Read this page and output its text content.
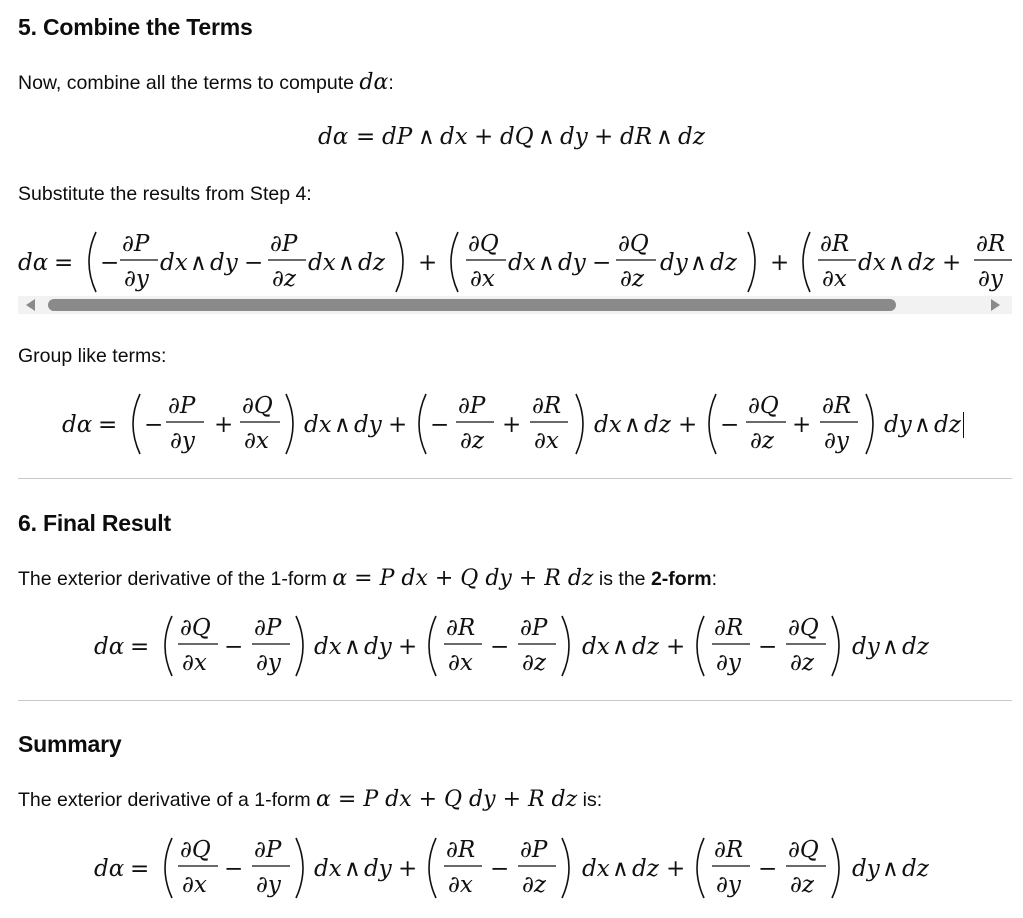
5. Combine the Terms

Now, combine all the terms to compute dα:

dα = dP ∧ dx + dQ ∧ dy + dR ∧ dz

Substitute the results from Step 4:

dα = −
∂P
∂y
dx ∧ dy −
∂P
∂z
dx ∧ dz +
∂Q
∂x
dx ∧ dy −
∂Q
∂z
dy ∧ dz +
∂R
∂x
dx ∧ dz +
∂R
∂y

Group like terms:

dα = −
∂P
∂y
+
∂Q
∂x
dx ∧ dy + −
∂P
∂z
+
∂R
∂x
dx ∧ dz + −
∂Q
∂z
+
∂R
∂y
dy ∧ dz
6. Final Result

The exterior derivative of the 1-form α = P dx + Q dy + R dz is the 2-form:

dα =
∂Q
∂x
−
∂P
∂y
dx ∧ dy +
∂R
∂x
−
∂P
∂z
dx ∧ dz +
∂R
∂y
−
∂Q
∂z
dy ∧ dz
Summary

The exterior derivative of a 1-form α = P dx + Q dy + R dz is:

dα =
∂Q
∂x
−
∂P
∂y
dx ∧ dy +
∂R
∂x
−
∂P
∂z
dx ∧ dz +
∂R
∂y
−
∂Q
∂z
dy ∧ dz
